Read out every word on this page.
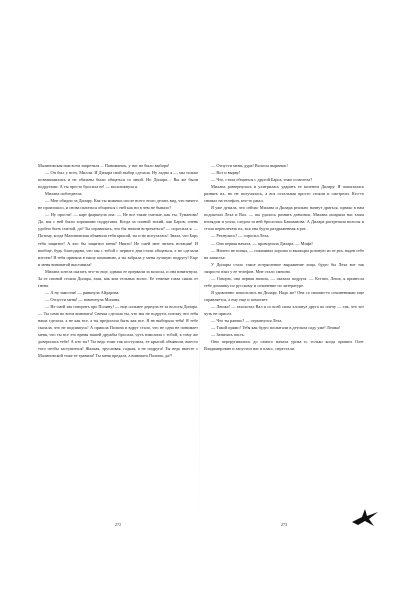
Малиновская нам всем запретила… Понимаешь, у нас не было выбора!

— Он был у всех, Милли. И Дилара свой выбор сделала. Ну ладно я — мы только познакомились и не обязаны были общаться со мной. Но Дилара… Вы же были подругами. А ты просто бросила ее! — воскликнула я.

Милана побледнела.

— Мне обидно за Дилару. Как ты можешь после всего этого делать вид, что ничего не произошло, и снова пытаться общаться с ней как ни в чем не бывало?

— Ну прости! — карт фыркнула она. — Не все такие смелые, как ты, Туманова! Да, мы с ней были хорошими подругами. Когда за спиной тихий, как Баров, очень удобно быть смелой, да? Ты справилась, что бы начали встречаться? — спросила я. — Потому, когда Малиновская объявила тебя крысой, ты и не испугалась! Знала, что Барс тебя защитит! А кто бы защитил меня? Никто! Не смей мне читать нотации! И вообще, будь благодарна, что мы с тобой с первого дня стали общаться, а не сделали изгоем! Я тебя приняла в нашу компанию, а ты забрала у меня лучшую подругу! Еще и меня виноватой выставила!

Милана хотела сказать что-то еще, однако ее прервали за волосы, и она взвизгнула. За ее спиной стояла Дилара, злая, как ком тельных волос. Ее темные глаза сияли от гнева.

— А ну замолчи! — рявкнула Айдарова.

— Отпусти меня! — взвизгнула Милана.

— Не смей так говорить про Полину! — еще сильнее дернула ее за волосы Дилара. — Ты сама во всем виновата! Свечка сделала ты, что мы не подруги, потому что тебя наша сделала, а не как все, а ты предпочла быть как все. Я не выбирала тебя! Я тебе сказала, что не подпишусь! А пришла Полина и вдруг стало, что не одна не понимает меня, что ты все это время нашей дружбы бросала, чуть взмолила с тобой, к тому же доверилась тебе! А кто ты? Ты ведь тоже так поступила, ее крысой объявили, вместо того чтобы заступиться! Жалкая, трусливая, гадкая, а не подруга! Ты ведь вместе с Малиновской тоже ее травила! Ты меня предала, а виновата Полина, да?!

272

— Отпусти меня, дура! Волосы вырвешь!

— Вот и вырву!

— Что, стала общаться с другой Барса, тоже осмелела?

Милана развернулась и ухитрилась ударить ее коленом Дилару. Я попыталась разнять их, но не получилось, а вся остальная просто стояли и смотрели. Кто-то снимал на телефон, кто-то ржал.

Я уже думала, что сейчас Милана и Дилара реально начнут драться, однако в нам подскочил Леха и Вал. — пы удалось разнять девчонок. Милана ошарила нас злым взглядом и ушла, следом за ней бросилась Башманова. А Дилара растрепала волосы и стала переплетать их, вся она будто раздраженная в рот.

— Рехнулись? — спросил Леха.

— Она первая начала, — проворчала Дилара. — Мифа!

— Ничего не понял, — покачивал хорошо и вытащил розовую из ее рта, надев себе на запястье.

У Дилары стало такое потрясенное выражение лица, будто бы Леха вот так запросто взял у ее телефон. Мне стало смешно.

— Говорю, она первая начала, — сказала подруга. — Кстати, Леша, я принесла тебе домашку по русскому и сочинение по литературе.

Я удивленно покосилась на Дилару. Надо же! Она со своими-то сочинениями еще справляется, а ему еще и помогает.

— Лешка! — захохотал Вал и со всей силы хлопнул друга по плечу — так, что тот чуть не присел.

— Что ты ржешь? — огрызнулся Леха.

— Такой прямо! Тебя как будто посватали в детском саду уже! Лешка!

— Заткнись пасть.

Они переругивались до самого начала урока и, только когда пришел Олег Владимирович и запустил нас в класс, перестали.

273
